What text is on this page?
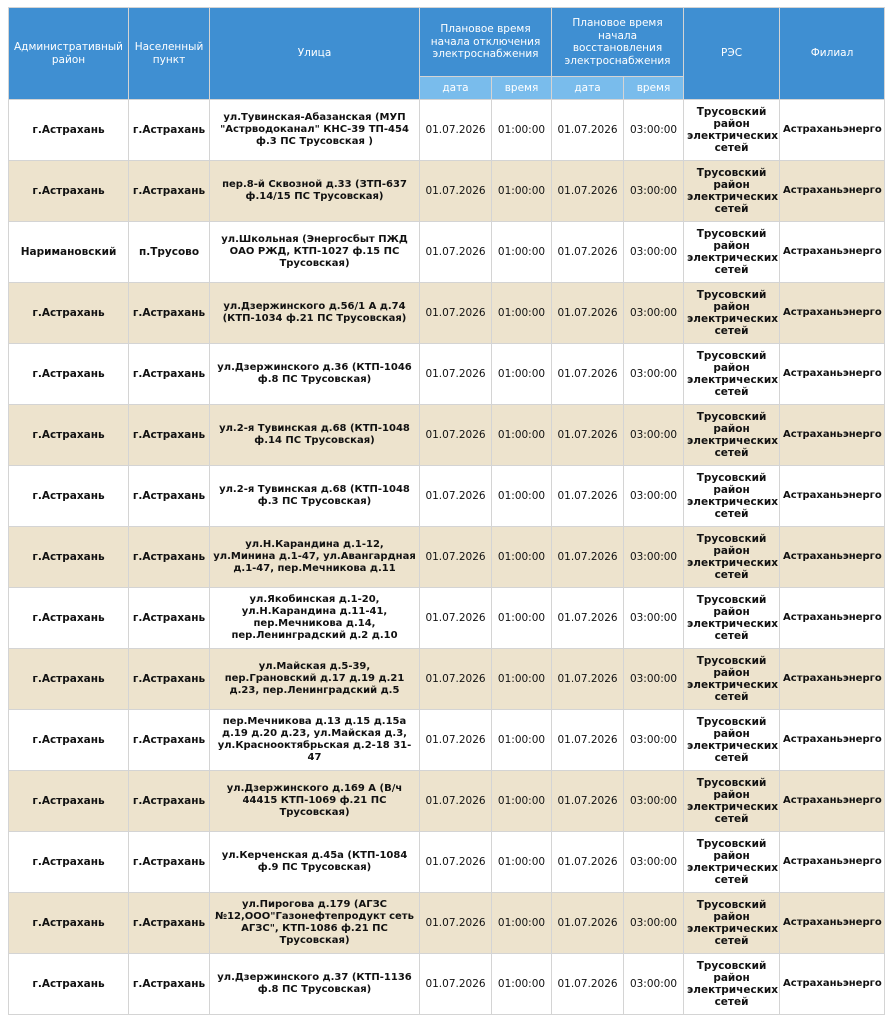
Административный район	Населенный пункт	Улица	Плановое время начала отключения электроснабжения		Плановое время начала восстановления электроснабжения		РЭС	Филиал
			дата	время	дата	время		
г.Астрахань	г.Астрахань	ул.Тувинская-Абазанская (МУП "Астрводоканал" КНС-39 ТП-454 ф.3 ПС Трусовская )	01.07.2026	01:00:00	01.07.2026	03:00:00	Трусовский район электрических сетей	Астраханьэнерго
г.Астрахань	г.Астрахань	пер.8-й Сквозной д.33 (ЗТП-637 ф.14/15 ПС Трусовская)	01.07.2026	01:00:00	01.07.2026	03:00:00	Трусовский район электрических сетей	Астраханьэнерго
Наримановский	п.Трусово	ул.Школьная (Энергосбыт ПЖД ОАО РЖД, КТП-1027 ф.15 ПС Трусовская)	01.07.2026	01:00:00	01.07.2026	03:00:00	Трусовский район электрических сетей	Астраханьэнерго
г.Астрахань	г.Астрахань	ул.Дзержинского д.56/1 А д.74 (КТП-1034 ф.21 ПС Трусовская)	01.07.2026	01:00:00	01.07.2026	03:00:00	Трусовский район электрических сетей	Астраханьэнерго
г.Астрахань	г.Астрахань	ул.Дзержинского д.36 (КТП-1046 ф.8 ПС Трусовская)	01.07.2026	01:00:00	01.07.2026	03:00:00	Трусовский район электрических сетей	Астраханьэнерго
г.Астрахань	г.Астрахань	ул.2-я Тувинская д.68 (КТП-1048 ф.14 ПС Трусовская)	01.07.2026	01:00:00	01.07.2026	03:00:00	Трусовский район электрических сетей	Астраханьэнерго
г.Астрахань	г.Астрахань	ул.2-я Тувинская д.68 (КТП-1048 ф.3 ПС Трусовская)	01.07.2026	01:00:00	01.07.2026	03:00:00	Трусовский район электрических сетей	Астраханьэнерго
г.Астрахань	г.Астрахань	ул.Н.Карандина д.1-12, ул.Минина д.1-47, ул.Авангардная д.1-47, пер.Мечникова д.11	01.07.2026	01:00:00	01.07.2026	03:00:00	Трусовский район электрических сетей	Астраханьэнерго
г.Астрахань	г.Астрахань	ул.Якобинская д.1-20, ул.Н.Карандина д.11-41, пер.Мечникова д.14, пер.Ленинградский д.2 д.10	01.07.2026	01:00:00	01.07.2026	03:00:00	Трусовский район электрических сетей	Астраханьэнерго
г.Астрахань	г.Астрахань	ул.Майская д.5-39, пер.Грановский д.17 д.19 д.21 д.23, пер.Ленинградский д.5	01.07.2026	01:00:00	01.07.2026	03:00:00	Трусовский район электрических сетей	Астраханьэнерго
г.Астрахань	г.Астрахань	пер.Мечникова д.13 д.15 д.15а д.19 д.20 д.23, ул.Майская д.3, ул.Краснооктябрьская д.2-18 31-47	01.07.2026	01:00:00	01.07.2026	03:00:00	Трусовский район электрических сетей	Астраханьэнерго
г.Астрахань	г.Астрахань	ул.Дзержинского д.169 А (В/ч 44415 КТП-1069 ф.21 ПС Трусовская)	01.07.2026	01:00:00	01.07.2026	03:00:00	Трусовский район электрических сетей	Астраханьэнерго
г.Астрахань	г.Астрахань	ул.Керченская д.45а (КТП-1084 ф.9 ПС Трусовская)	01.07.2026	01:00:00	01.07.2026	03:00:00	Трусовский район электрических сетей	Астраханьэнерго
г.Астрахань	г.Астрахань	ул.Пирогова д.179 (АГЗС №12,ООО"Газонефтепродукт сеть АГЗС", КТП-1086 ф.21 ПС Трусовская)	01.07.2026	01:00:00	01.07.2026	03:00:00	Трусовский район электрических сетей	Астраханьэнерго
г.Астрахань	г.Астрахань	ул.Дзержинского д.37 (КТП-1136 ф.8 ПС Трусовская)	01.07.2026	01:00:00	01.07.2026	03:00:00	Трусовский район электрических сетей	Астраханьэнерго
